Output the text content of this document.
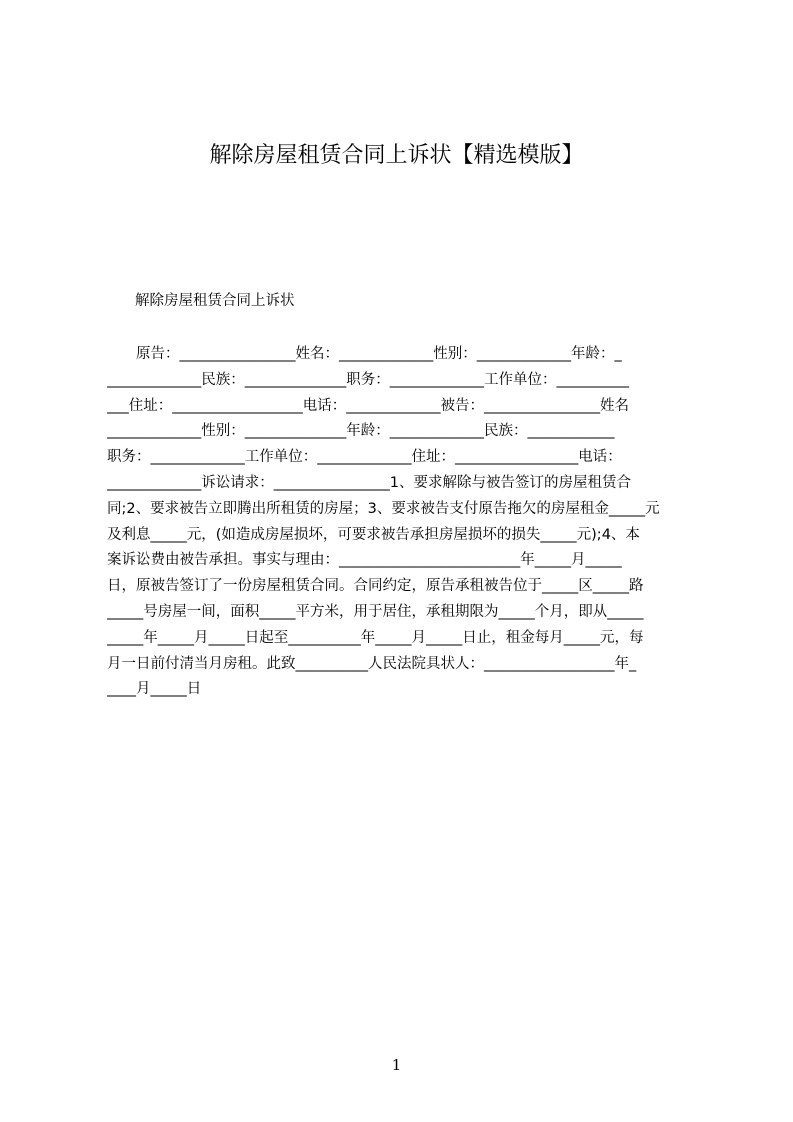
解除房屋租赁合同上诉状【精选模版】
解除房屋租赁合同上诉状
　　原告：________________姓名：_____________性别：_____________年龄：_
_____________民族：______________职务：_____________工作单位：__________
___住址：__________________电话：_____________被告：________________姓名
_____________性别：______________年龄：_____________民族：____________
职务：_____________工作单位：_____________住址：_________________电话：
_____________诉讼请求：________________1、要求解除与被告签订的房屋租赁合
同;2、要求被告立即腾出所租赁的房屋；3、要求被告支付原告拖欠的房屋租金_____元
及利息_____元，(如造成房屋损坏，可要求被告承担房屋损坏的损失_____元);4、本
案诉讼费由被告承担。事实与理由：_________________________年_____月_____
日，原被告签订了一份房屋租赁合同。合同约定，原告承租被告位于_____区_____路
_____号房屋一间，面积_____平方米，用于居住，承租期限为_____个月，即从_____
_____年_____月_____日起至__________年_____月_____日止，租金每月_____元，每
月一日前付清当月房租。此致__________人民法院具状人：__________________年_
____月_____日
1
